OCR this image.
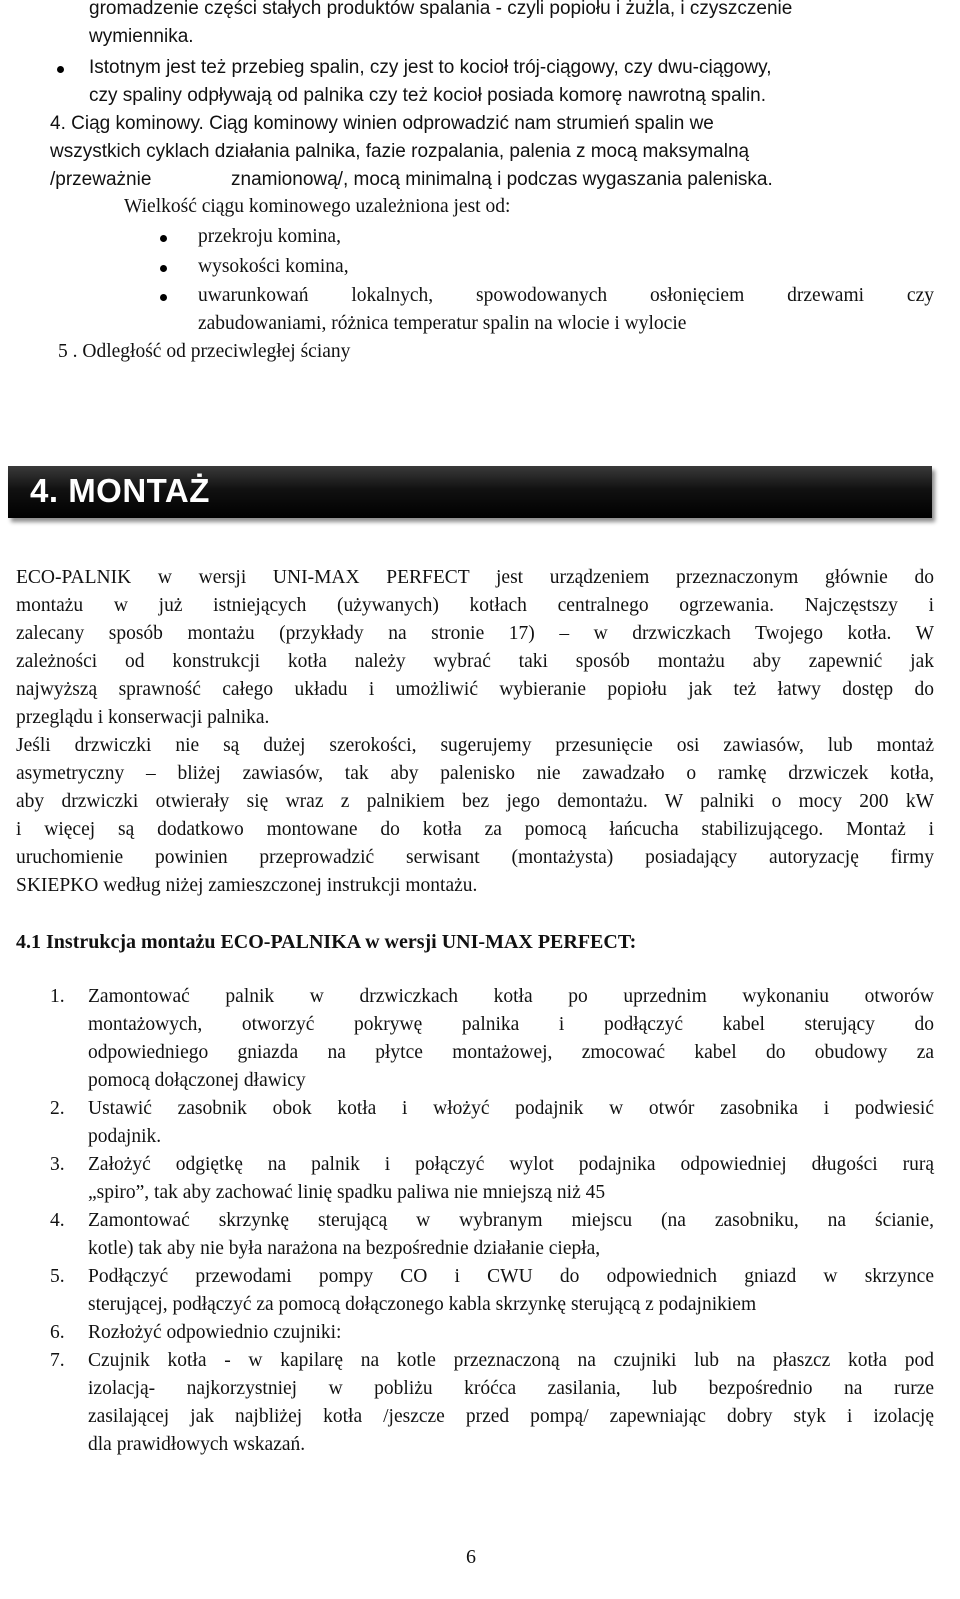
gromadzenie części stałych produktów spalania - czyli popiołu i żużla, i czyszczenie
wymiennika.
Istotnym jest też przebieg spalin, czy jest to kocioł trój-ciągowy, czy dwu-ciągowy,
czy spaliny odpływają od palnika czy też kocioł posiada komorę nawrotną spalin.
4. Ciąg kominowy. Ciąg kominowy winien odprowadzić nam strumień spalin we
wszystkich cyklach działania palnika, fazie rozpalania, palenia z mocą maksymalną
/przeważnie	znamionową/, mocą minimalną i podczas wygaszania paleniska.
Wielkość ciągu kominowego uzależniona jest od:
przekroju komina,
wysokości komina,
uwarunkowań lokalnych, spowodowanych osłonięciem drzewami czy
zabudowaniami, różnica temperatur spalin na wlocie i wylocie
5 . Odległość od przeciwległej ściany
4. MONTAŻ
ECO-PALNIK w wersji UNI-MAX PERFECT jest urządzeniem przeznaczonym głównie do
montażu w już istniejących (używanych) kotłach centralnego ogrzewania. Najczęstszy i
zalecany sposób montażu (przykłady na stronie 17) – w drzwiczkach Twojego kotła. W
zależności od konstrukcji kotła należy wybrać taki sposób montażu aby zapewnić jak
najwyższą sprawność całego układu i umożliwić wybieranie popiołu jak też łatwy dostęp do
przeglądu i konserwacji palnika.
Jeśli drzwiczki nie są dużej szerokości, sugerujemy przesunięcie osi zawiasów, lub montaż
asymetryczny – bliżej zawiasów, tak aby palenisko nie zawadzało o ramkę drzwiczek kotła,
aby drzwiczki otwierały się wraz z palnikiem bez jego demontażu. W palniki o mocy 200 kW
i więcej są dodatkowo montowane do kotła za pomocą łańcucha stabilizującego. Montaż i
uruchomienie powinien przeprowadzić serwisant (montażysta) posiadający autoryzację firmy
SKIEPKO według niżej zamieszczonej instrukcji montażu.
4.1 Instrukcja montażu ECO-PALNIKA w wersji UNI-MAX PERFECT:
1. Zamontować palnik w drzwiczkach kotła po uprzednim wykonaniu otworów
montażowych, otworzyć pokrywę palnika i podłączyć kabel sterujący do
odpowiedniego gniazda na płytce montażowej, zmocować kabel do obudowy za
pomocą dołączonej dławicy
2. Ustawić zasobnik obok kotła i włożyć podajnik w otwór zasobnika i podwiesić
podajnik.
3. Założyć odgiętkę na palnik i połączyć wylot podajnika odpowiedniej długości rurą
„spiro”, tak aby zachować linię spadku paliwa nie mniejszą niż 45
4. Zamontować skrzynkę sterującą w wybranym miejscu (na zasobniku, na ścianie,
kotle) tak aby nie była narażona na bezpośrednie działanie ciepła,
5. Podłączyć przewodami pompy CO i CWU do odpowiednich gniazd w skrzynce
sterującej, podłączyć za pomocą dołączonego kabla skrzynkę sterującą z podajnikiem
6. Rozłożyć odpowiednio czujniki:
7. Czujnik kotła - w kapilarę na kotle przeznaczoną na czujniki lub na płaszcz kotła pod
izolacją- najkorzystniej w pobliżu króćca zasilania, lub bezpośrednio na rurze
zasilającej jak najbliżej kotła /jeszcze przed pompą/ zapewniając dobry styk i izolację
dla prawidłowych wskazań.
6
